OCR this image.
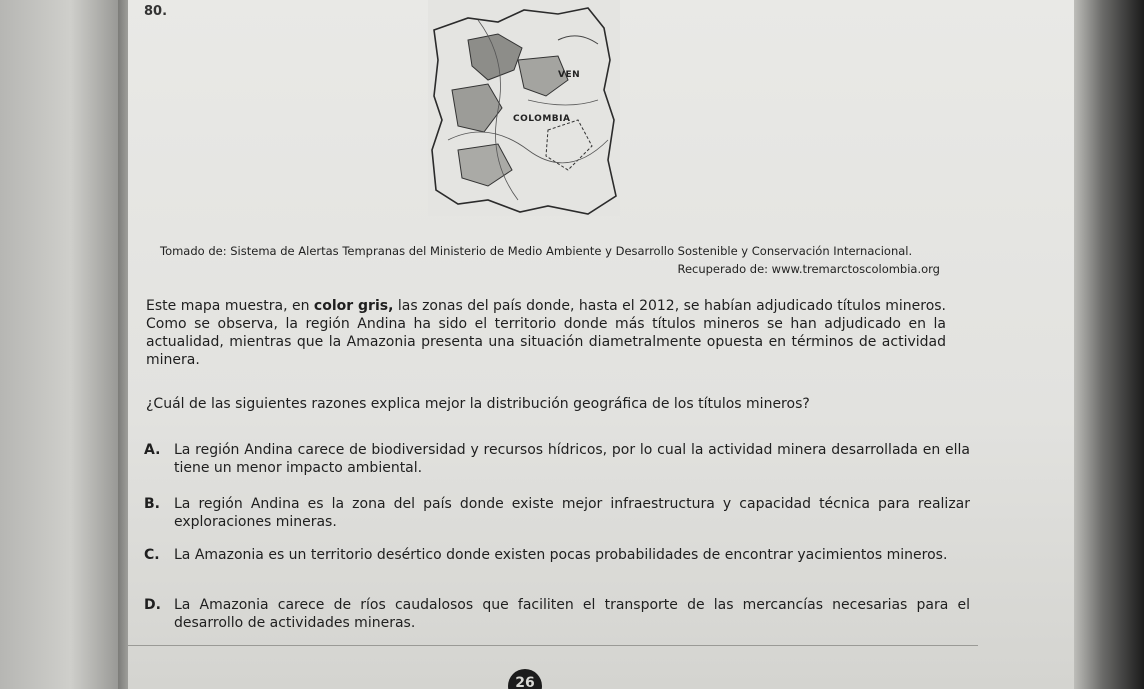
80.
VEN
COLOMBIA
Tomado de: Sistema de Alertas Tempranas del Ministerio de Medio Ambiente y Desarrollo Sostenible y Conservación Internacional.
Recuperado de: www.tremarctoscolombia.org
Este mapa muestra, en color gris, las zonas del país donde, hasta el 2012, se habían adjudicado títulos mineros. Como se observa, la región Andina ha sido el territorio donde más títulos mineros se han adjudicado en la actualidad, mientras que la Amazonia presenta una situación diametralmente opuesta en términos de actividad minera.
¿Cuál de las siguientes razones explica mejor la distribución geográfica de los títulos mineros?
A. La región Andina carece de biodiversidad y recursos hídricos, por lo cual la actividad minera desarrollada en ella tiene un menor impacto ambiental.
B. La región Andina es la zona del país donde existe mejor infraestructura y capacidad técnica para realizar exploraciones mineras.
C. La Amazonia es un territorio desértico donde existen pocas probabilidades de encontrar yacimientos mineros.
D. La Amazonia carece de ríos caudalosos que faciliten el transporte de las mercancías necesarias para el desarrollo de actividades mineras.
26
